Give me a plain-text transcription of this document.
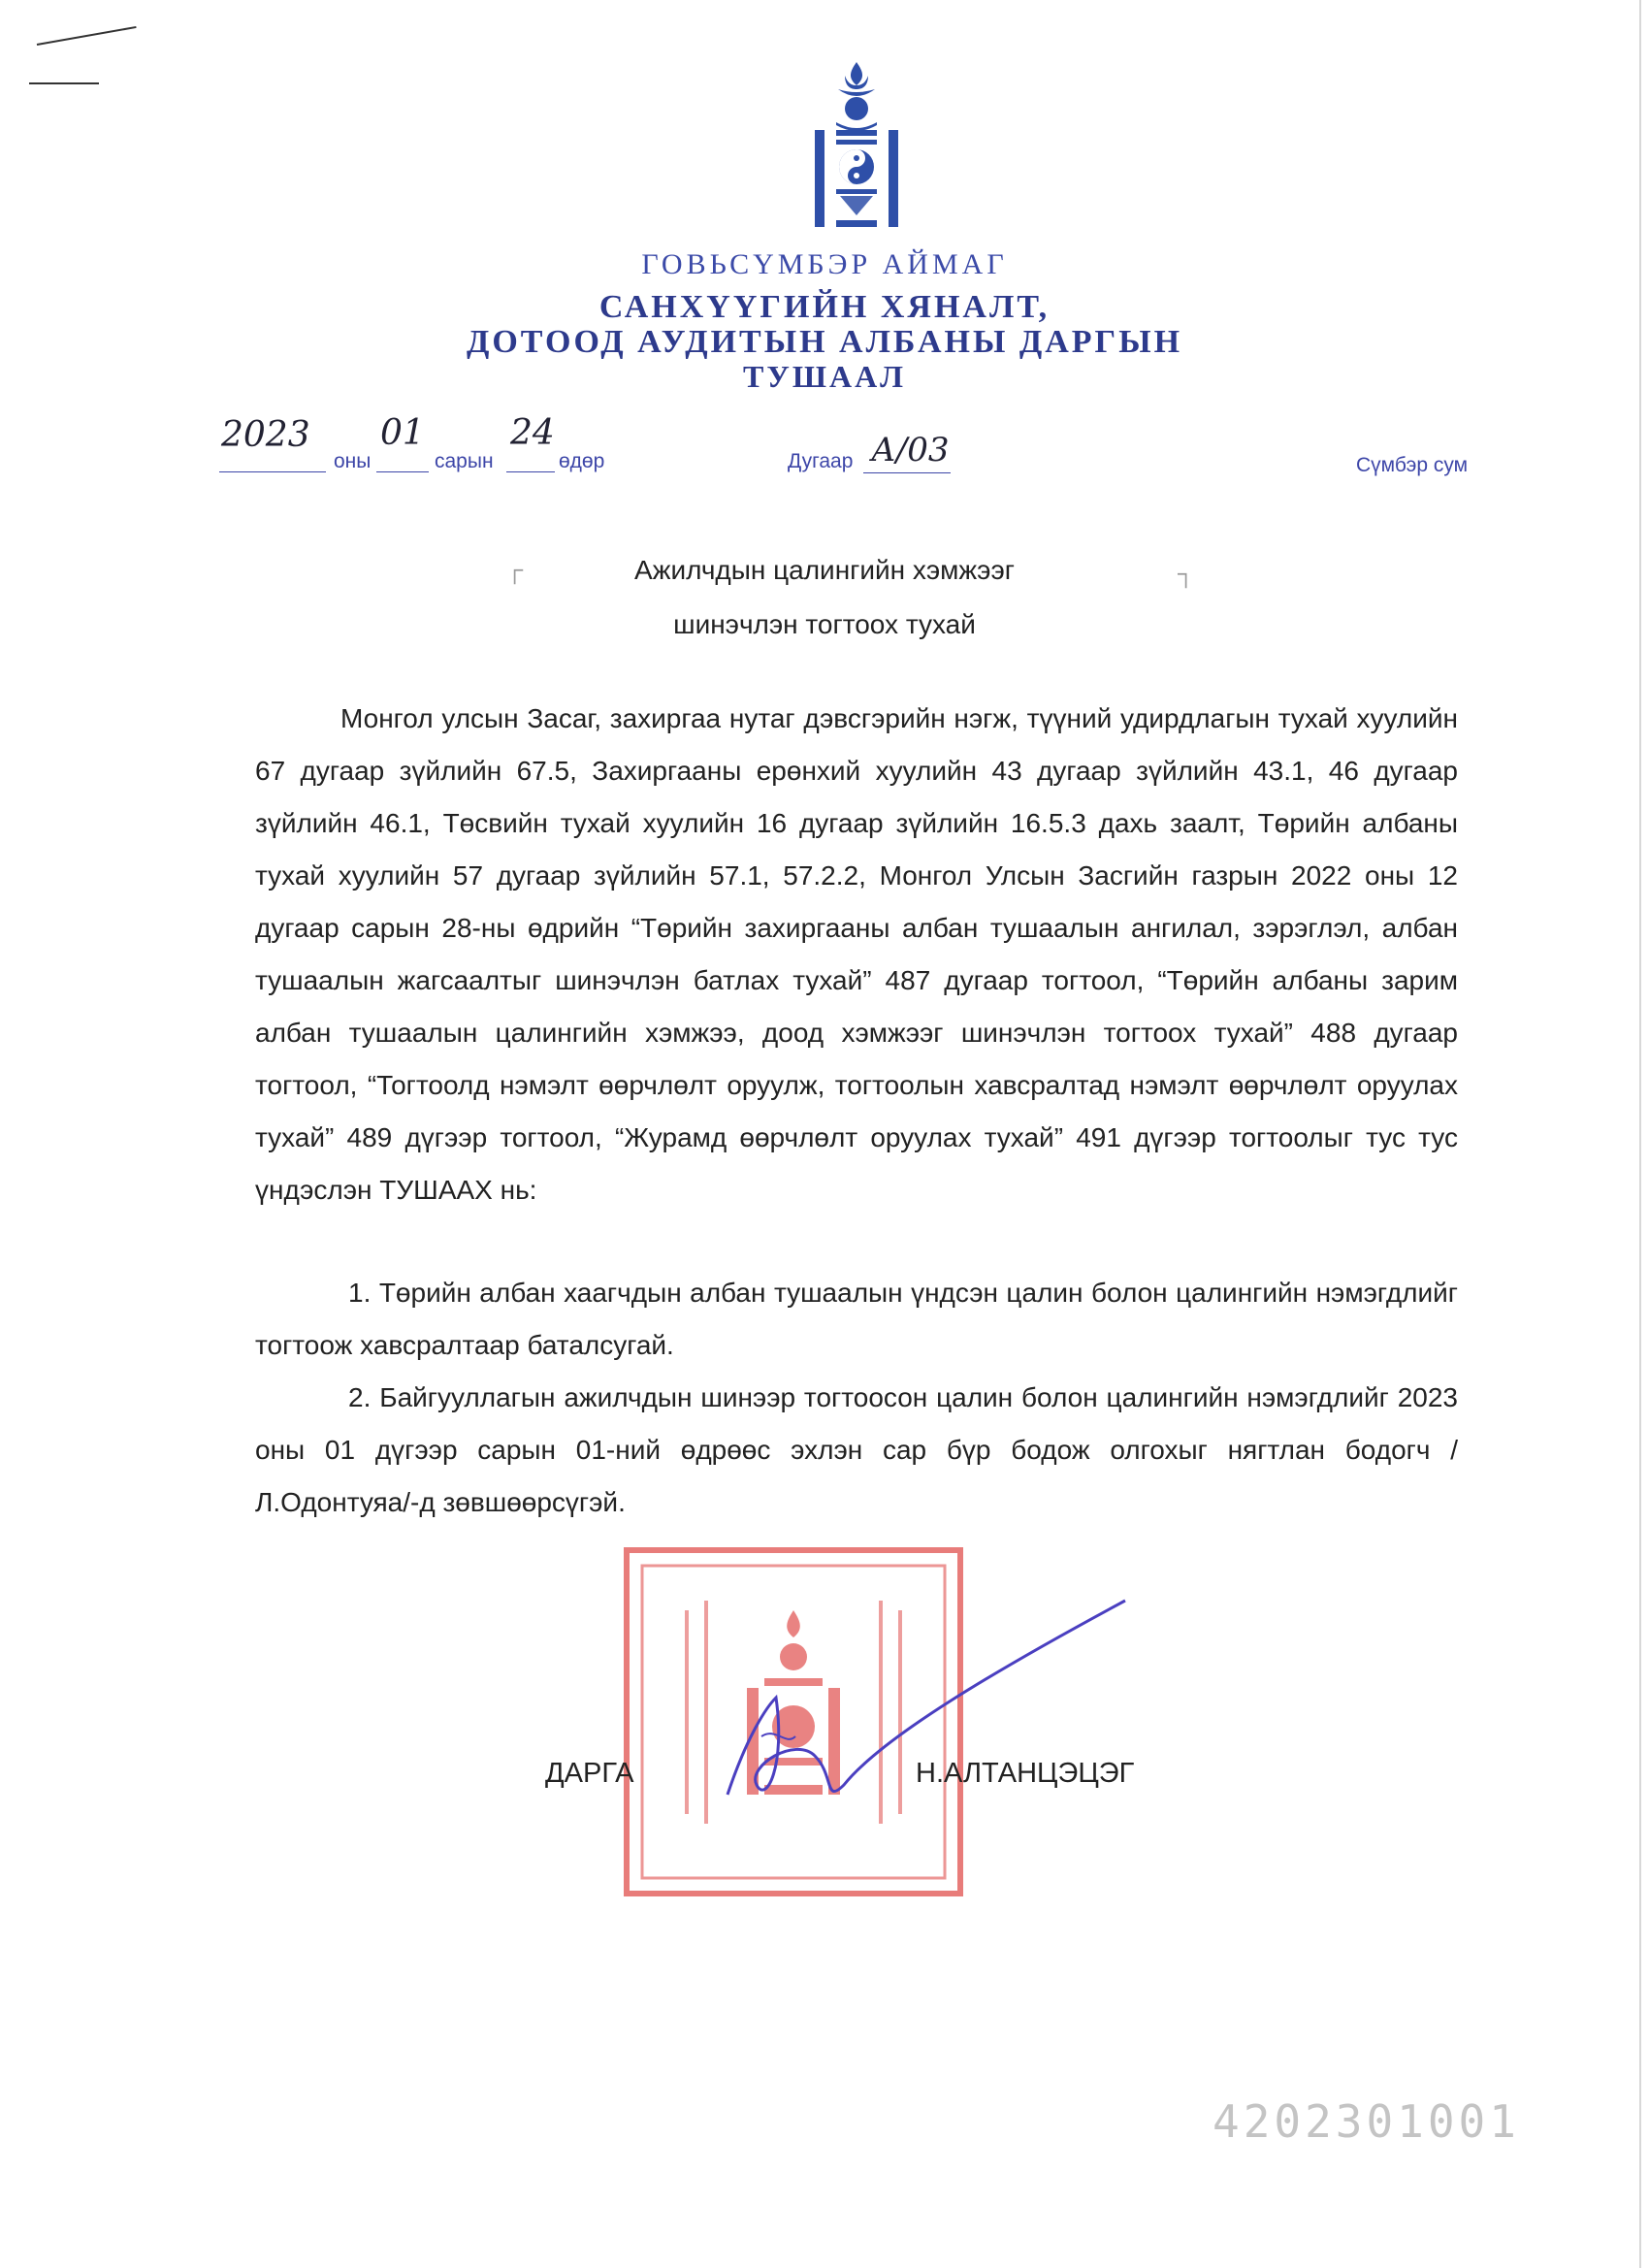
ГОВЬСҮМБЭР АЙМАГ
САНХҮҮГИЙН ХЯНАЛТ,
ДОТООД АУДИТЫН АЛБАНЫ ДАРГЫН
ТУШААЛ
2023
оны
01
сарын
24
өдөр	Дугаар А/03	Сүмбэр сум
┌	┐
Ажилчдын цалингийн хэмжээг
шинэчлэн тогтоох тухай
Монгол улсын Засаг, захиргаа нутаг дэвсгэрийн нэгж, түүний удирдлагын тухай хуулийн 67 дугаар зүйлийн 67.5, Захиргааны ерөнхий хуулийн 43 дугаар зүйлийн 43.1, 46 дугаар зүйлийн 46.1, Төсвийн тухай хуулийн 16 дугаар зүйлийн 16.5.3 дахь заалт, Төрийн албаны тухай хуулийн 57 дугаар зүйлийн 57.1, 57.2.2, Монгол Улсын Засгийн газрын 2022 оны 12 дугаар сарын 28-ны өдрийн “Төрийн захиргааны албан тушаалын ангилал, зэрэглэл, албан тушаалын жагсаалтыг шинэчлэн батлах тухай” 487 дугаар тогтоол, “Төрийн албаны зарим албан тушаалын цалингийн хэмжээ, доод хэмжээг шинэчлэн тогтоох тухай” 488 дугаар тогтоол, “Тогтоолд нэмэлт өөрчлөлт оруулж, тогтоолын хавсралтад нэмэлт өөрчлөлт оруулах тухай” 489 дүгээр тогтоол, “Журамд өөрчлөлт оруулах тухай” 491 дүгээр тогтоолыг тус тус үндэслэн ТУШААХ нь:
1. Төрийн албан хаагчдын албан тушаалын үндсэн цалин болон цалингийн нэмэгдлийг тогтоож хавсралтаар баталсугай.
2. Байгууллагын ажилчдын шинээр тогтоосон цалин болон цалингийн нэмэгдлийг 2023 оны 01 дүгээр сарын 01-ний өдрөөс эхлэн сар бүр бодож олгохыг нягтлан бодогч /Л.Одонтуяа/-д зөвшөөрсүгэй.
ДАРГА	Н.АЛТАНЦЭЦЭГ
4202301001
